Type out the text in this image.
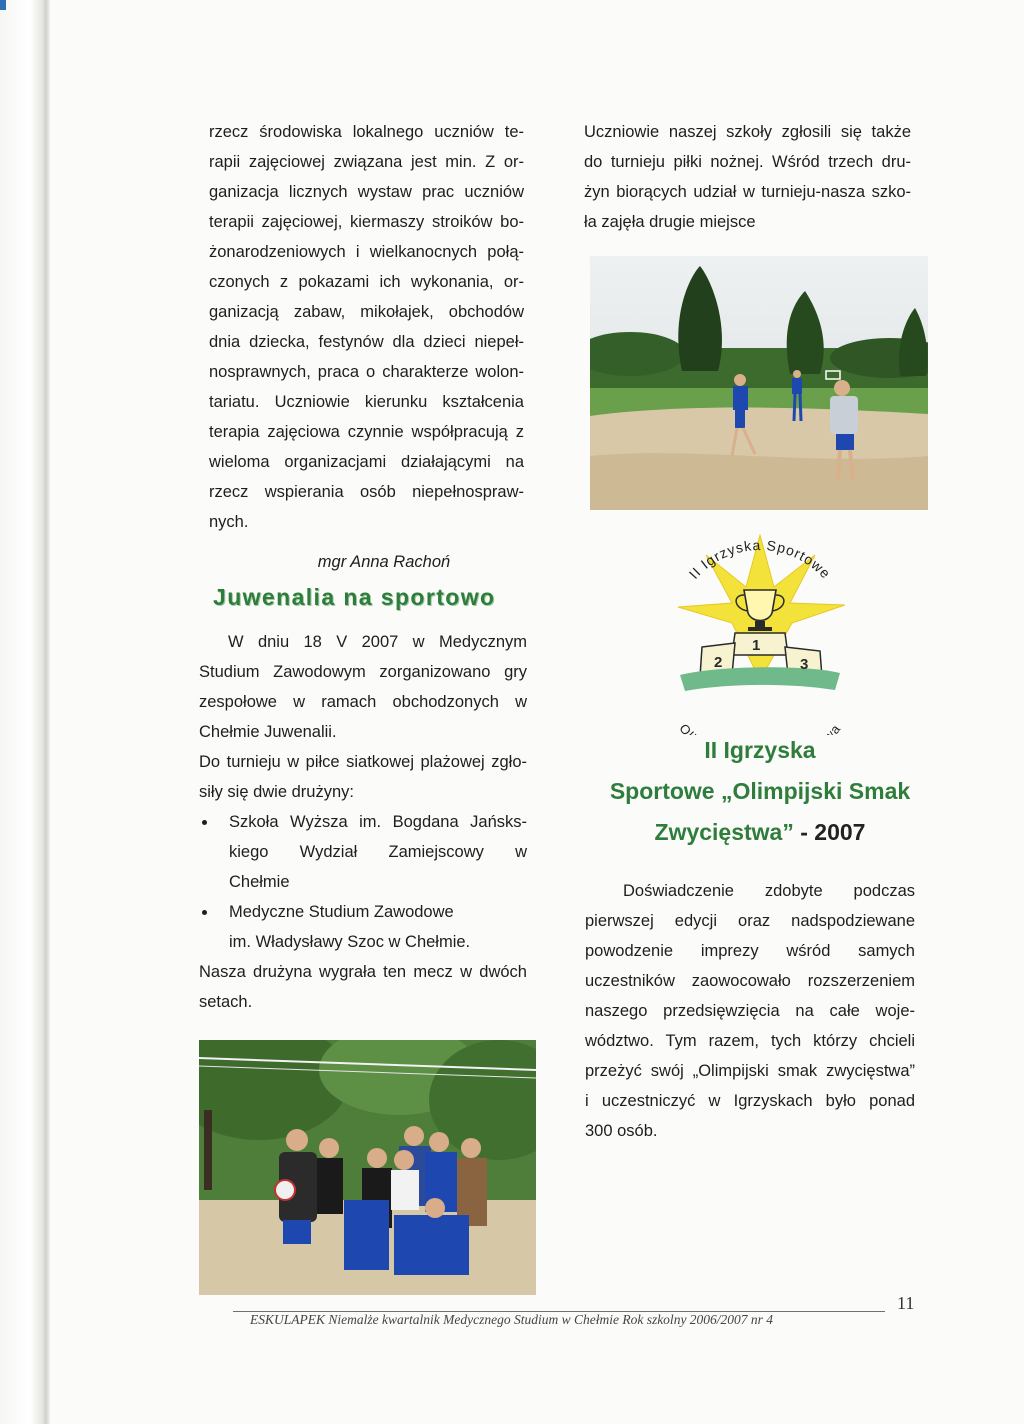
rzecz środowiska lokalnego uczniów te-

rapii zajęciowej związana jest min. Z or-

ganizacja licznych wystaw prac uczniów

terapii zajęciowej, kiermaszy stroików bo-

żonarodzeniowych i wielkanocnych połą-

czonych z pokazami ich wykonania, or-

ganizacją zabaw, mikołajek, obchodów

dnia dziecka, festynów dla dzieci niepeł-

nosprawnych, praca o charakterze wolon-

tariatu. Uczniowie kierunku kształcenia

terapia zajęciowa czynnie współpracują z

wieloma organizacjami działającymi na

rzecz wspierania osób niepełnospraw-

nych.

mgr Anna Rachoń

Juwenalia na sportowo

W dniu 18 V 2007 w Medycznym

Studium Zawodowym zorganizowano gry

zespołowe w ramach obchodzonych w

Chełmie Juwenalii.

Do turnieju w piłce siatkowej plażowej zgło-

siły się dwie drużyny:

Szkoła Wyższa im. Bogdana Jańsks-

kiego Wydział Zamiejscowy w

Chełmie

Medyczne Studium Zawodowe

im. Władysławy Szoc w Chełmie.

Nasza drużyna wygrała ten mecz w dwóch

setach.

Uczniowie naszej szkoły zgłosili się także

do turnieju piłki nożnej. Wśród trzech dru-

żyn biorących udział w turnieju-nasza szko-

ła zajęła drugie miejsce

1
2	3
II Igrzyska Sportowe
O a
II Igrzyska
Sportowe „Olimpijski Smak
Zwycięstwa” - 2007

Doświadczenie zdobyte podczas

pierwszej edycji oraz nadspodziewane

powodzenie imprezy wśród samych

uczestników zaowocowało rozszerzeniem

naszego przedsięwzięcia na całe woje-

wództwo. Tym razem, tych którzy chcieli

przeżyć swój „Olimpijski smak zwycięstwa”

i uczestniczyć w Igrzyskach było ponad

300 osób.

ESKULAPEK Niemalże kwartalnik Medycznego Studium w Chełmie Rok szkolny 2006/2007 nr 4
11
